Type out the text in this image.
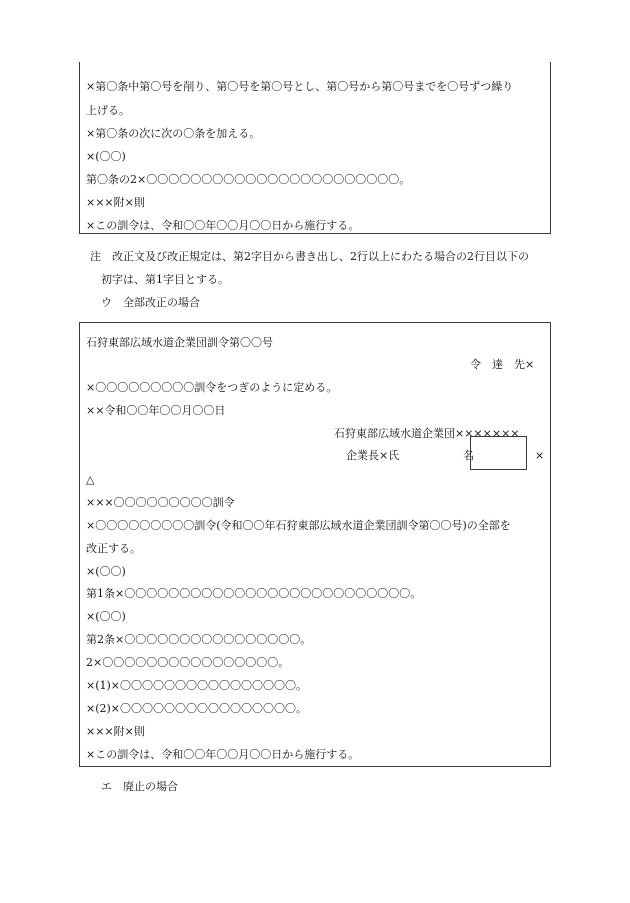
×第〇条中第〇号を削り、第〇号を第〇号とし、第〇号から第〇号までを〇号ずつ繰り
上げる。
×第〇条の次に次の〇条を加える。
×(〇〇)
第〇条の2×〇〇〇〇〇〇〇〇〇〇〇〇〇〇〇〇〇〇〇〇〇〇〇。
×××附×則
×この訓令は、令和〇〇年〇〇月〇〇日から施行する。
注　改正文及び改正規定は、第2字目から書き出し、2行以上にわたる場合の2行目以下の
初字は、第1字目とする。
ウ　全部改正の場合
石狩東部広域水道企業団訓令第〇〇号
令　達　先×
×〇〇〇〇〇〇〇〇〇訓令をつぎのように定める。
××令和〇〇年〇〇月〇〇日
石狩東部広域水道企業団×××××××
企業長×氏	名	×
△
×××〇〇〇〇〇〇〇〇〇訓令
×〇〇〇〇〇〇〇〇〇訓令(令和〇〇年石狩東部広域水道企業団訓令第〇〇号)の全部を
改正する。
×(〇〇)
第1条×〇〇〇〇〇〇〇〇〇〇〇〇〇〇〇〇〇〇〇〇〇〇〇〇〇〇。
×(〇〇)
第2条×〇〇〇〇〇〇〇〇〇〇〇〇〇〇〇〇。
2×〇〇〇〇〇〇〇〇〇〇〇〇〇〇〇〇。
×(1)×〇〇〇〇〇〇〇〇〇〇〇〇〇〇〇〇。
×(2)×〇〇〇〇〇〇〇〇〇〇〇〇〇〇〇〇。
×××附×則
×この訓令は、令和〇〇年〇〇月〇〇日から施行する。
エ　廃止の場合
